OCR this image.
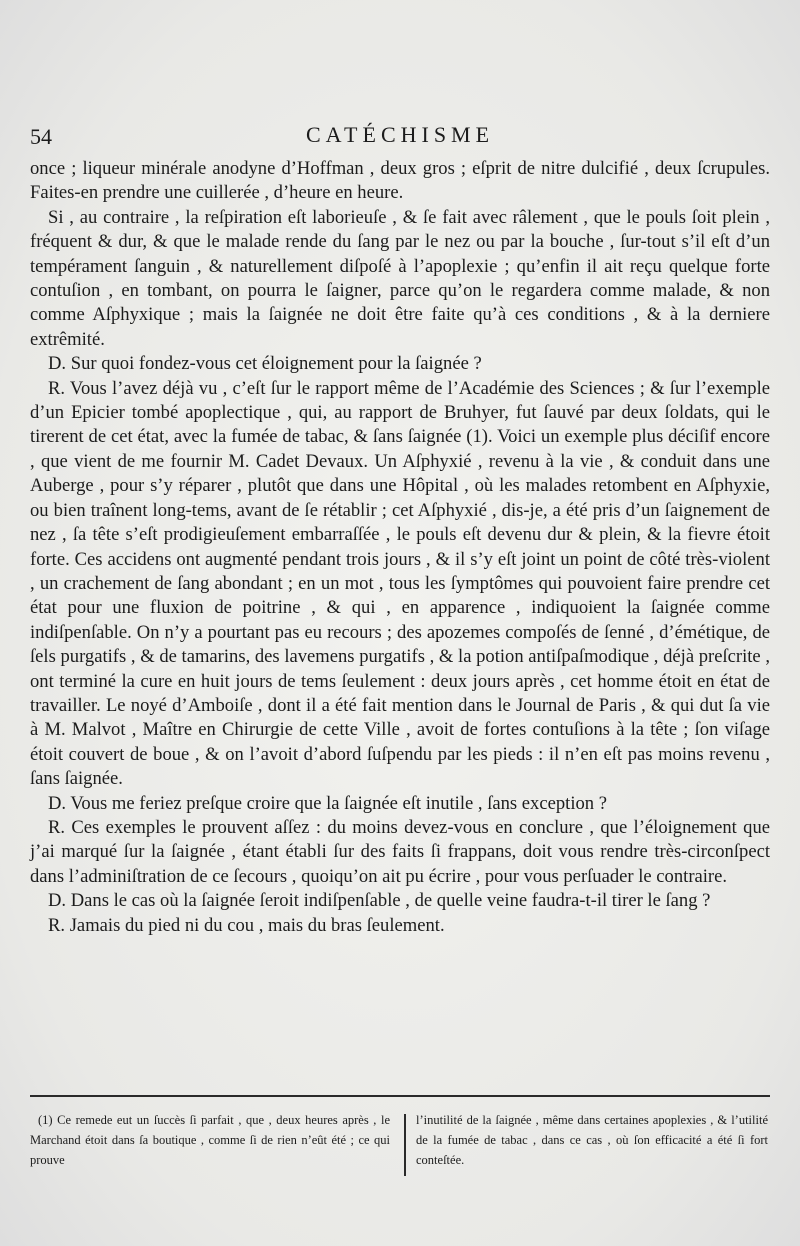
54	CATÉCHISME

once ; liqueur minérale anodyne d’Hoffman , deux gros ; eſprit de nitre dulcifié , deux ſcrupules. Faites-en prendre une cuillerée , d’heure en heure.

Si , au contraire , la reſpiration eſt laborieuſe , & ſe fait avec râlement , que le pouls ſoit plein , fréquent & dur, & que le malade rende du ſang par le nez ou par la bouche , ſur-tout s’il eſt d’un tempérament ſanguin , & naturellement diſpoſé à l’apoplexie ; qu’enfin il ait reçu quelque forte contuſion , en tombant, on pourra le ſaigner, parce qu’on le regardera comme malade, & non comme Aſphyxique ; mais la ſaignée ne doit être faite qu’à ces conditions , & à la derniere extrêmité.

D. Sur quoi fondez-vous cet éloignement pour la ſaignée ?

R. Vous l’avez déjà vu , c’eſt ſur le rapport même de l’Académie des Sciences ; & ſur l’exemple d’un Epicier tombé apoplectique , qui, au rapport de Bruhyer, fut ſauvé par deux ſoldats, qui le tirerent de cet état, avec la fumée de tabac, & ſans ſaignée (1). Voici un exemple plus déciſif encore , que vient de me fournir M. Cadet Devaux. Un Aſphyxié , revenu à la vie , & conduit dans une Auberge , pour s’y réparer , plutôt que dans une Hôpital , où les malades retombent en Aſphyxie, ou bien traînent long-tems, avant de ſe rétablir ; cet Aſphyxié , dis-je, a été pris d’un ſaignement de nez , ſa tête s’eſt prodigieuſement embarraſſée , le pouls eſt devenu dur & plein, & la fievre étoit forte. Ces accidens ont augmenté pendant trois jours , & il s’y eſt joint un point de côté très-violent , un crachement de ſang abondant ; en un mot , tous les ſymptômes qui pouvoient faire prendre cet état pour une fluxion de poitrine , & qui , en apparence , indiquoient la ſaignée comme indiſpenſable. On n’y a pourtant pas eu recours ; des apozemes compoſés de ſenné , d’émétique, de ſels purgatifs , & de tamarins, des lavemens purgatifs , & la potion antiſpaſmodique , déjà preſcrite , ont terminé la cure en huit jours de tems ſeulement : deux jours après , cet homme étoit en état de travailler. Le noyé d’Amboiſe , dont il a été fait mention dans le Journal de Paris , & qui dut ſa vie à M. Malvot , Maître en Chirurgie de cette Ville , avoit de fortes contuſions à la tête ; ſon viſage étoit couvert de boue , & on l’avoit d’abord ſuſpendu par les pieds : il n’en eſt pas moins revenu , ſans ſaignée.

D. Vous me feriez preſque croire que la ſaignée eſt inutile , ſans exception ?

R. Ces exemples le prouvent aſſez : du moins devez-vous en conclure , que l’éloignement que j’ai marqué ſur la ſaignée , étant établi ſur des faits ſi frappans, doit vous rendre très-circonſpect dans l’adminiſtration de ce ſecours , quoiqu’on ait pu écrire , pour vous perſuader le contraire.

D. Dans le cas où la ſaignée ſeroit indiſpenſable , de quelle veine faudra-t-il tirer le ſang ?

R. Jamais du pied ni du cou , mais du bras ſeulement.

(1) Ce remede eut un ſuccès ſi parfait , que , deux heures après , le Marchand étoit dans ſa boutique , comme ſi de rien n’eût été ; ce qui prouve
l’inutilité de la ſaignée , même dans certaines apoplexies , & l’utilité de la fumée de tabac , dans ce cas , où ſon efficacité a été ſi fort conteſtée.
